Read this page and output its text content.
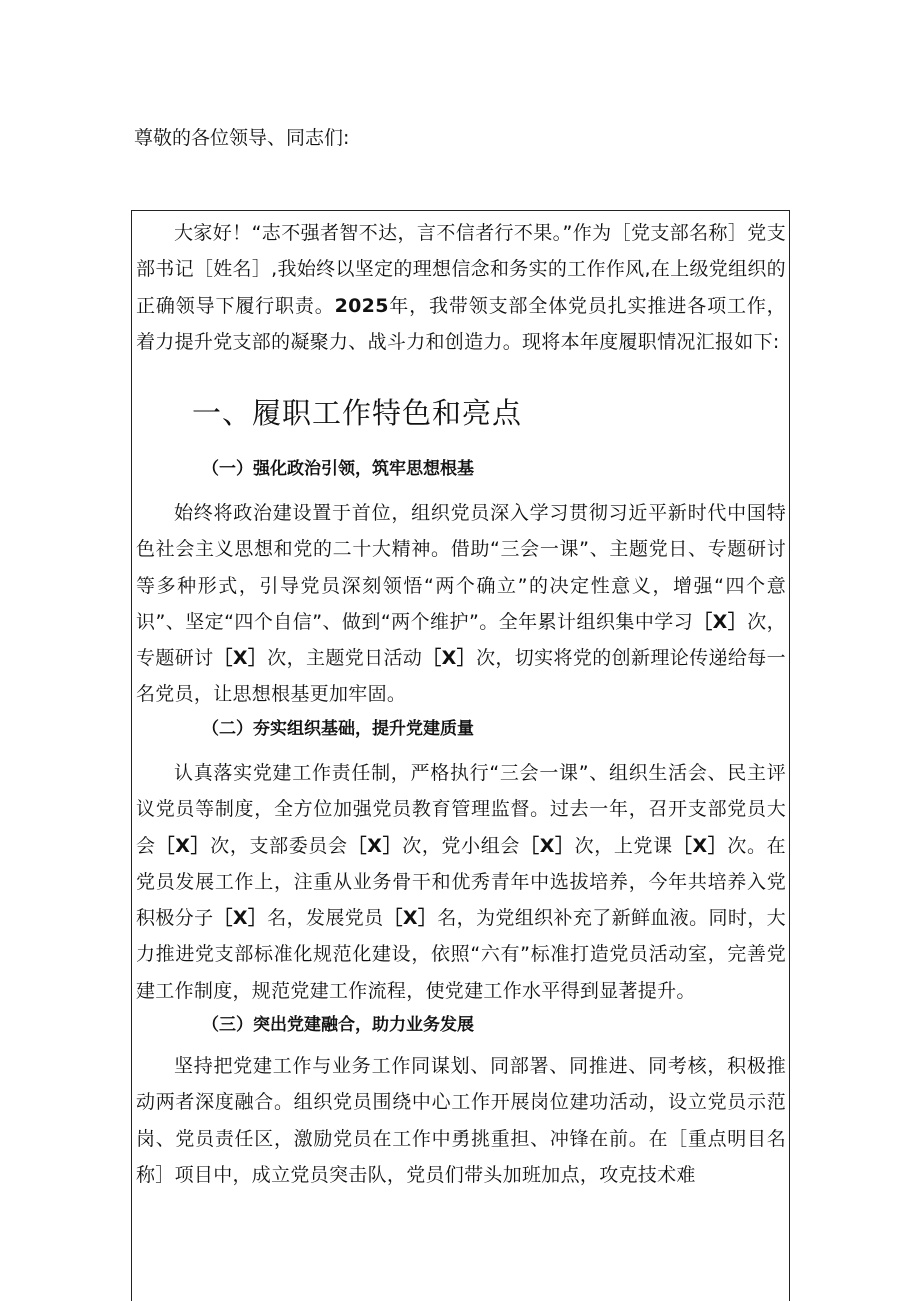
尊敬的各位领导、同志们:

大家好！“志不强者智不达，言不信者行不果。”作为［党支部名称］党支部书记［姓名］,我始终以坚定的理想信念和务实的工作作风,在上级党组织的正确领导下履行职责。2025年，我带领支部全体党员扎实推进各项工作，着力提升党支部的凝聚力、战斗力和创造力。现将本年度履职情况汇报如下:

一、履职工作特色和亮点
（一）强化政治引领，筑牢思想根基

始终将政治建设置于首位，组织党员深入学习贯彻习近平新时代中国特色社会主义思想和党的二十大精神。借助“三会一课”、主题党日、专题研讨等多种形式，引导党员深刻领悟“两个确立”的决定性意义，增强“四个意识”、坚定“四个自信”、做到“两个维护”。全年累计组织集中学习［X］次，专题研讨［X］次，主题党日活动［X］次，切实将党的创新理论传递给每一名党员，让思想根基更加牢固。

（二）夯实组织基础，提升党建质量

认真落实党建工作责任制，严格执行“三会一课”、组织生活会、民主评议党员等制度，全方位加强党员教育管理监督。过去一年，召开支部党员大会［X］次，支部委员会［X］次，党小组会［X］次，上党课［X］次。在党员发展工作上，注重从业务骨干和优秀青年中选拔培养，今年共培养入党积极分子［X］名，发展党员［X］名，为党组织补充了新鲜血液。同时，大力推进党支部标准化规范化建设，依照“六有”标准打造党员活动室，完善党建工作制度，规范党建工作流程，使党建工作水平得到显著提升。

（三）突出党建融合，助力业务发展

坚持把党建工作与业务工作同谋划、同部署、同推进、同考核，积极推动两者深度融合。组织党员围绕中心工作开展岗位建功活动，设立党员示范岗、党员责任区，激励党员在工作中勇挑重担、冲锋在前。在［重点明目名称］项目中，成立党员突击队，党员们带头加班加点，攻克技术难
